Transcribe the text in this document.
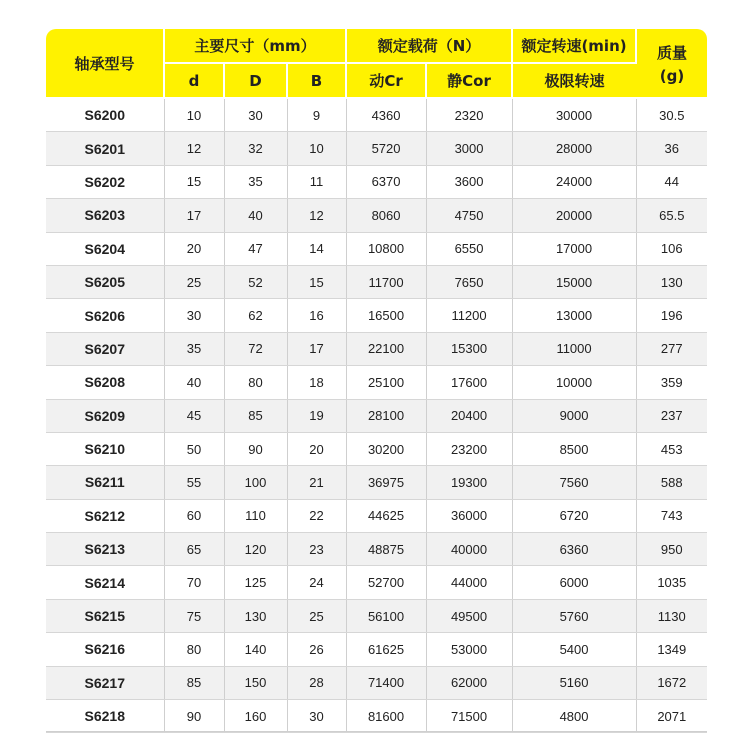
轴承型号	主要尺寸（mm）			额定载荷（N）		额定转速(min)	质量
(g)

	d	D	B	动Cr	静Cor	极限转速	
S6200	10	30	9	4360	2320	30000	30.5
S6201	12	32	10	5720	3000	28000	36
S6202	15	35	11	6370	3600	24000	44
S6203	17	40	12	8060	4750	20000	65.5
S6204	20	47	14	10800	6550	17000	106
S6205	25	52	15	11700	7650	15000	130
S6206	30	62	16	16500	11200	13000	196
S6207	35	72	17	22100	15300	11000	277
S6208	40	80	18	25100	17600	10000	359
S6209	45	85	19	28100	20400	9000	237
S6210	50	90	20	30200	23200	8500	453
S6211	55	100	21	36975	19300	7560	588
S6212	60	110	22	44625	36000	6720	743
S6213	65	120	23	48875	40000	6360	950
S6214	70	125	24	52700	44000	6000	1035
S6215	75	130	25	56100	49500	5760	1130
S6216	80	140	26	61625	53000	5400	1349
S6217	85	150	28	71400	62000	5160	1672
S6218	90	160	30	81600	71500	4800	2071
